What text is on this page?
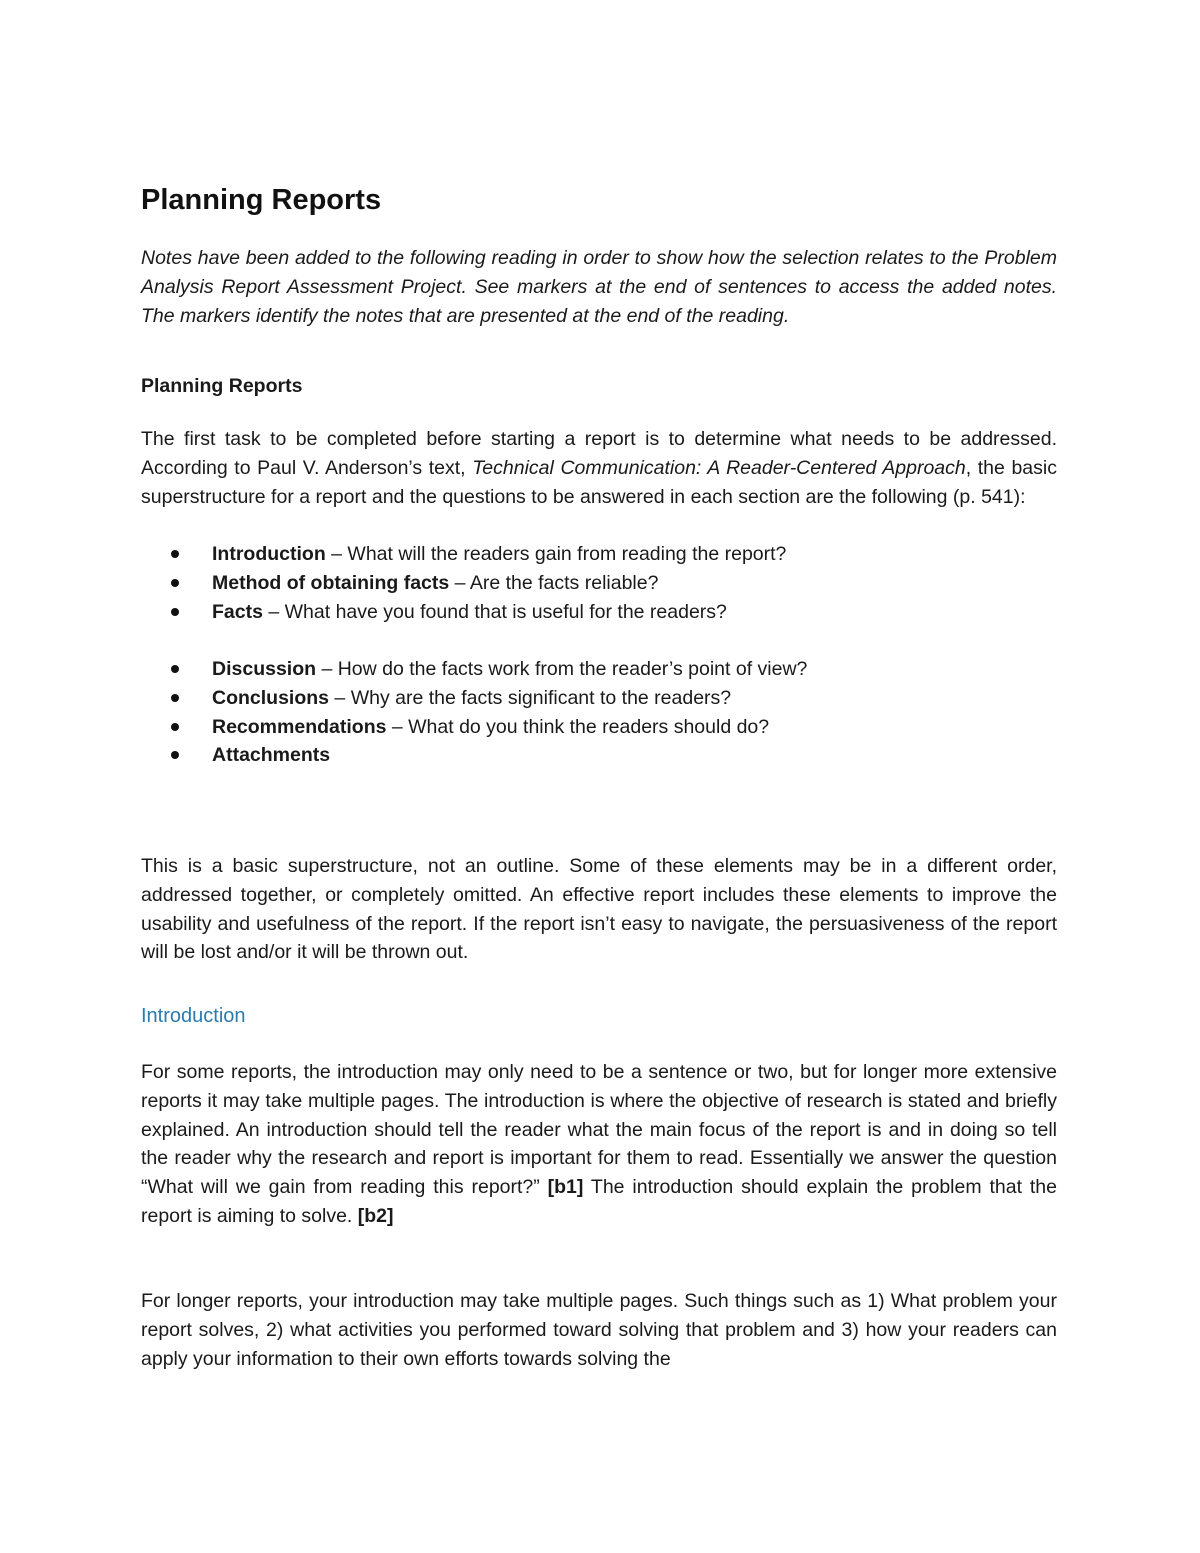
Planning Reports

Notes have been added to the following reading in order to show how the selection relates to the Problem Analysis Report Assessment Project. See markers at the end of sentences to access the added notes. The markers identify the notes that are presented at the end of the reading.

Planning Reports

The first task to be completed before starting a report is to determine what needs to be addressed. According to Paul V. Anderson’s text, Technical Communication: A Reader-Centered Approach, the basic superstructure for a report and the questions to be answered in each section are the following (p. 541):

Introduction – What will the readers gain from reading the report?
Method of obtaining facts – Are the facts reliable?
Facts – What have you found that is useful for the readers?
Discussion – How do the facts work from the reader’s point of view?
Conclusions – Why are the facts significant to the readers?
Recommendations – What do you think the readers should do?
Attachments

This is a basic superstructure, not an outline. Some of these elements may be in a different order, addressed together, or completely omitted. An effective report includes these elements to improve the usability and usefulness of the report. If the report isn’t easy to navigate, the persuasiveness of the report will be lost and/or it will be thrown out.

Introduction

For some reports, the introduction may only need to be a sentence or two, but for longer more extensive reports it may take multiple pages. The introduction is where the objective of research is stated and briefly explained. An introduction should tell the reader what the main focus of the report is and in doing so tell the reader why the research and report is important for them to read. Essentially we answer the question “What will we gain from reading this report?” [b1] The introduction should explain the problem that the report is aiming to solve. [b2]

For longer reports, your introduction may take multiple pages. Such things such as 1) What problem your report solves, 2) what activities you performed toward solving that problem and 3) how your readers can apply your information to their own efforts towards solving the
